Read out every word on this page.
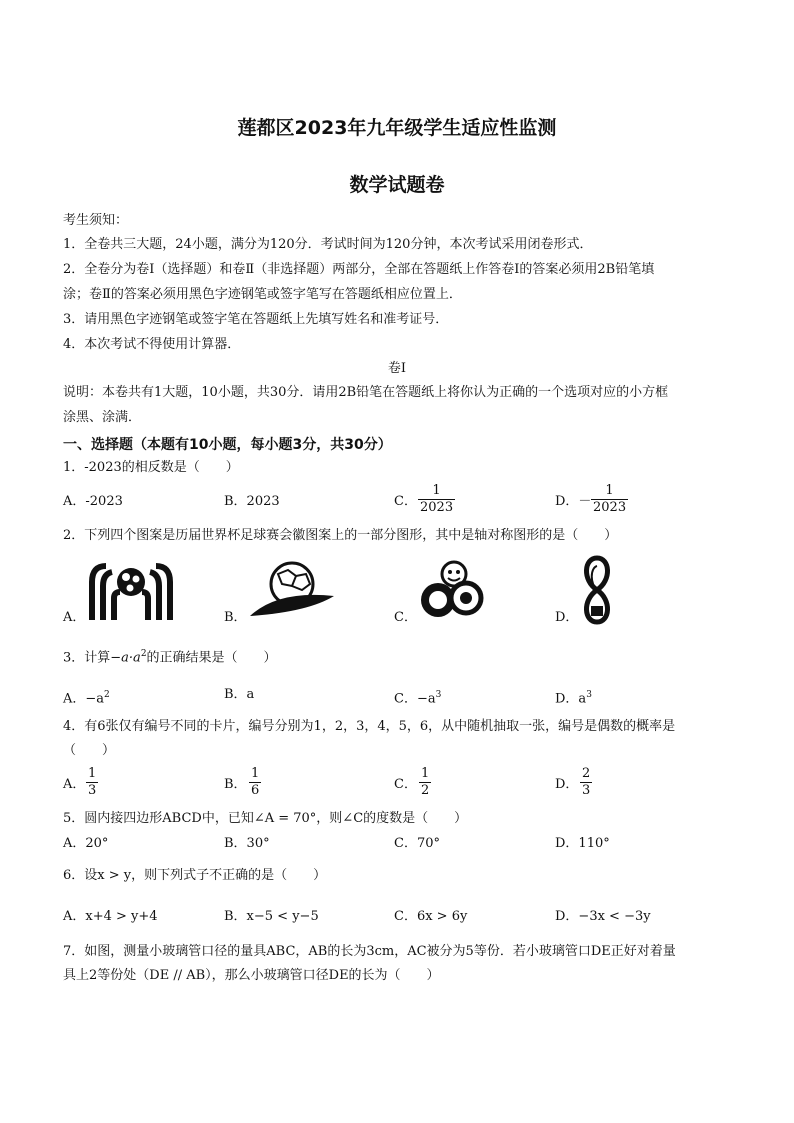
莲都区2023年九年级学生适应性监测
数学试题卷
考生须知：
1．全卷共三大题，24小题，满分为120分．考试时间为120分钟，本次考试采用闭卷形式．
2．全卷分为卷Ⅰ（选择题）和卷Ⅱ（非选择题）两部分，全部在答题纸上作答卷Ⅰ的答案必须用2B铅笔填
涂；卷Ⅱ的答案必须用黑色字迹钢笔或签字笔写在答题纸相应位置上．
3．请用黑色字迹钢笔或签字笔在答题纸上先填写姓名和准考证号．
4．本次考试不得使用计算器．
卷Ⅰ
说明：本卷共有1大题，10小题，共30分．请用2B铅笔在答题纸上将你认为正确的一个选项对应的小方框
涂黑、涂满．
一、选择题（本题有10小题，每小题3分，共30分）
1．-2023的相反数是（　　）
A．-2023	B．2023	C． $\frac{1}{2023}$	D．－ $\frac{1}{2023}$
2．下列四个图案是历届世界杯足球赛会徽图案上的一部分图形，其中是轴对称图形的是（　　）
A．	B．	C．	D．
3．计算$-a\cdot a^2$的正确结果是（　　）
A．$-a^2$	B．a	C．$-a^3$	D．$a^3$
4．有6张仅有编号不同的卡片，编号分别为1，2，3，4，5，6，从中随机抽取一张，编号是偶数的概率是
（　　）
A． $\frac{1}{3}$	B． $\frac{1}{6}$	C． $\frac{1}{2}$	D． $\frac{2}{3}$
5．圆内接四边形ABCD中，已知∠A = 70°，则∠C的度数是（　　）
A．20°	B．30°	C．70°	D．110°
6．设x > y，则下列式子不正确的是（　　）
A．x+4 > y+4	B．x−5 < y−5	C．6x > 6y	D．−3x < −3y
7．如图，测量小玻璃管口径的量具ABC，AB的长为3cm，AC被分为5等份．若小玻璃管口DE正好对着量
具上2等份处（DE // AB），那么小玻璃管口径DE的长为（　　）
